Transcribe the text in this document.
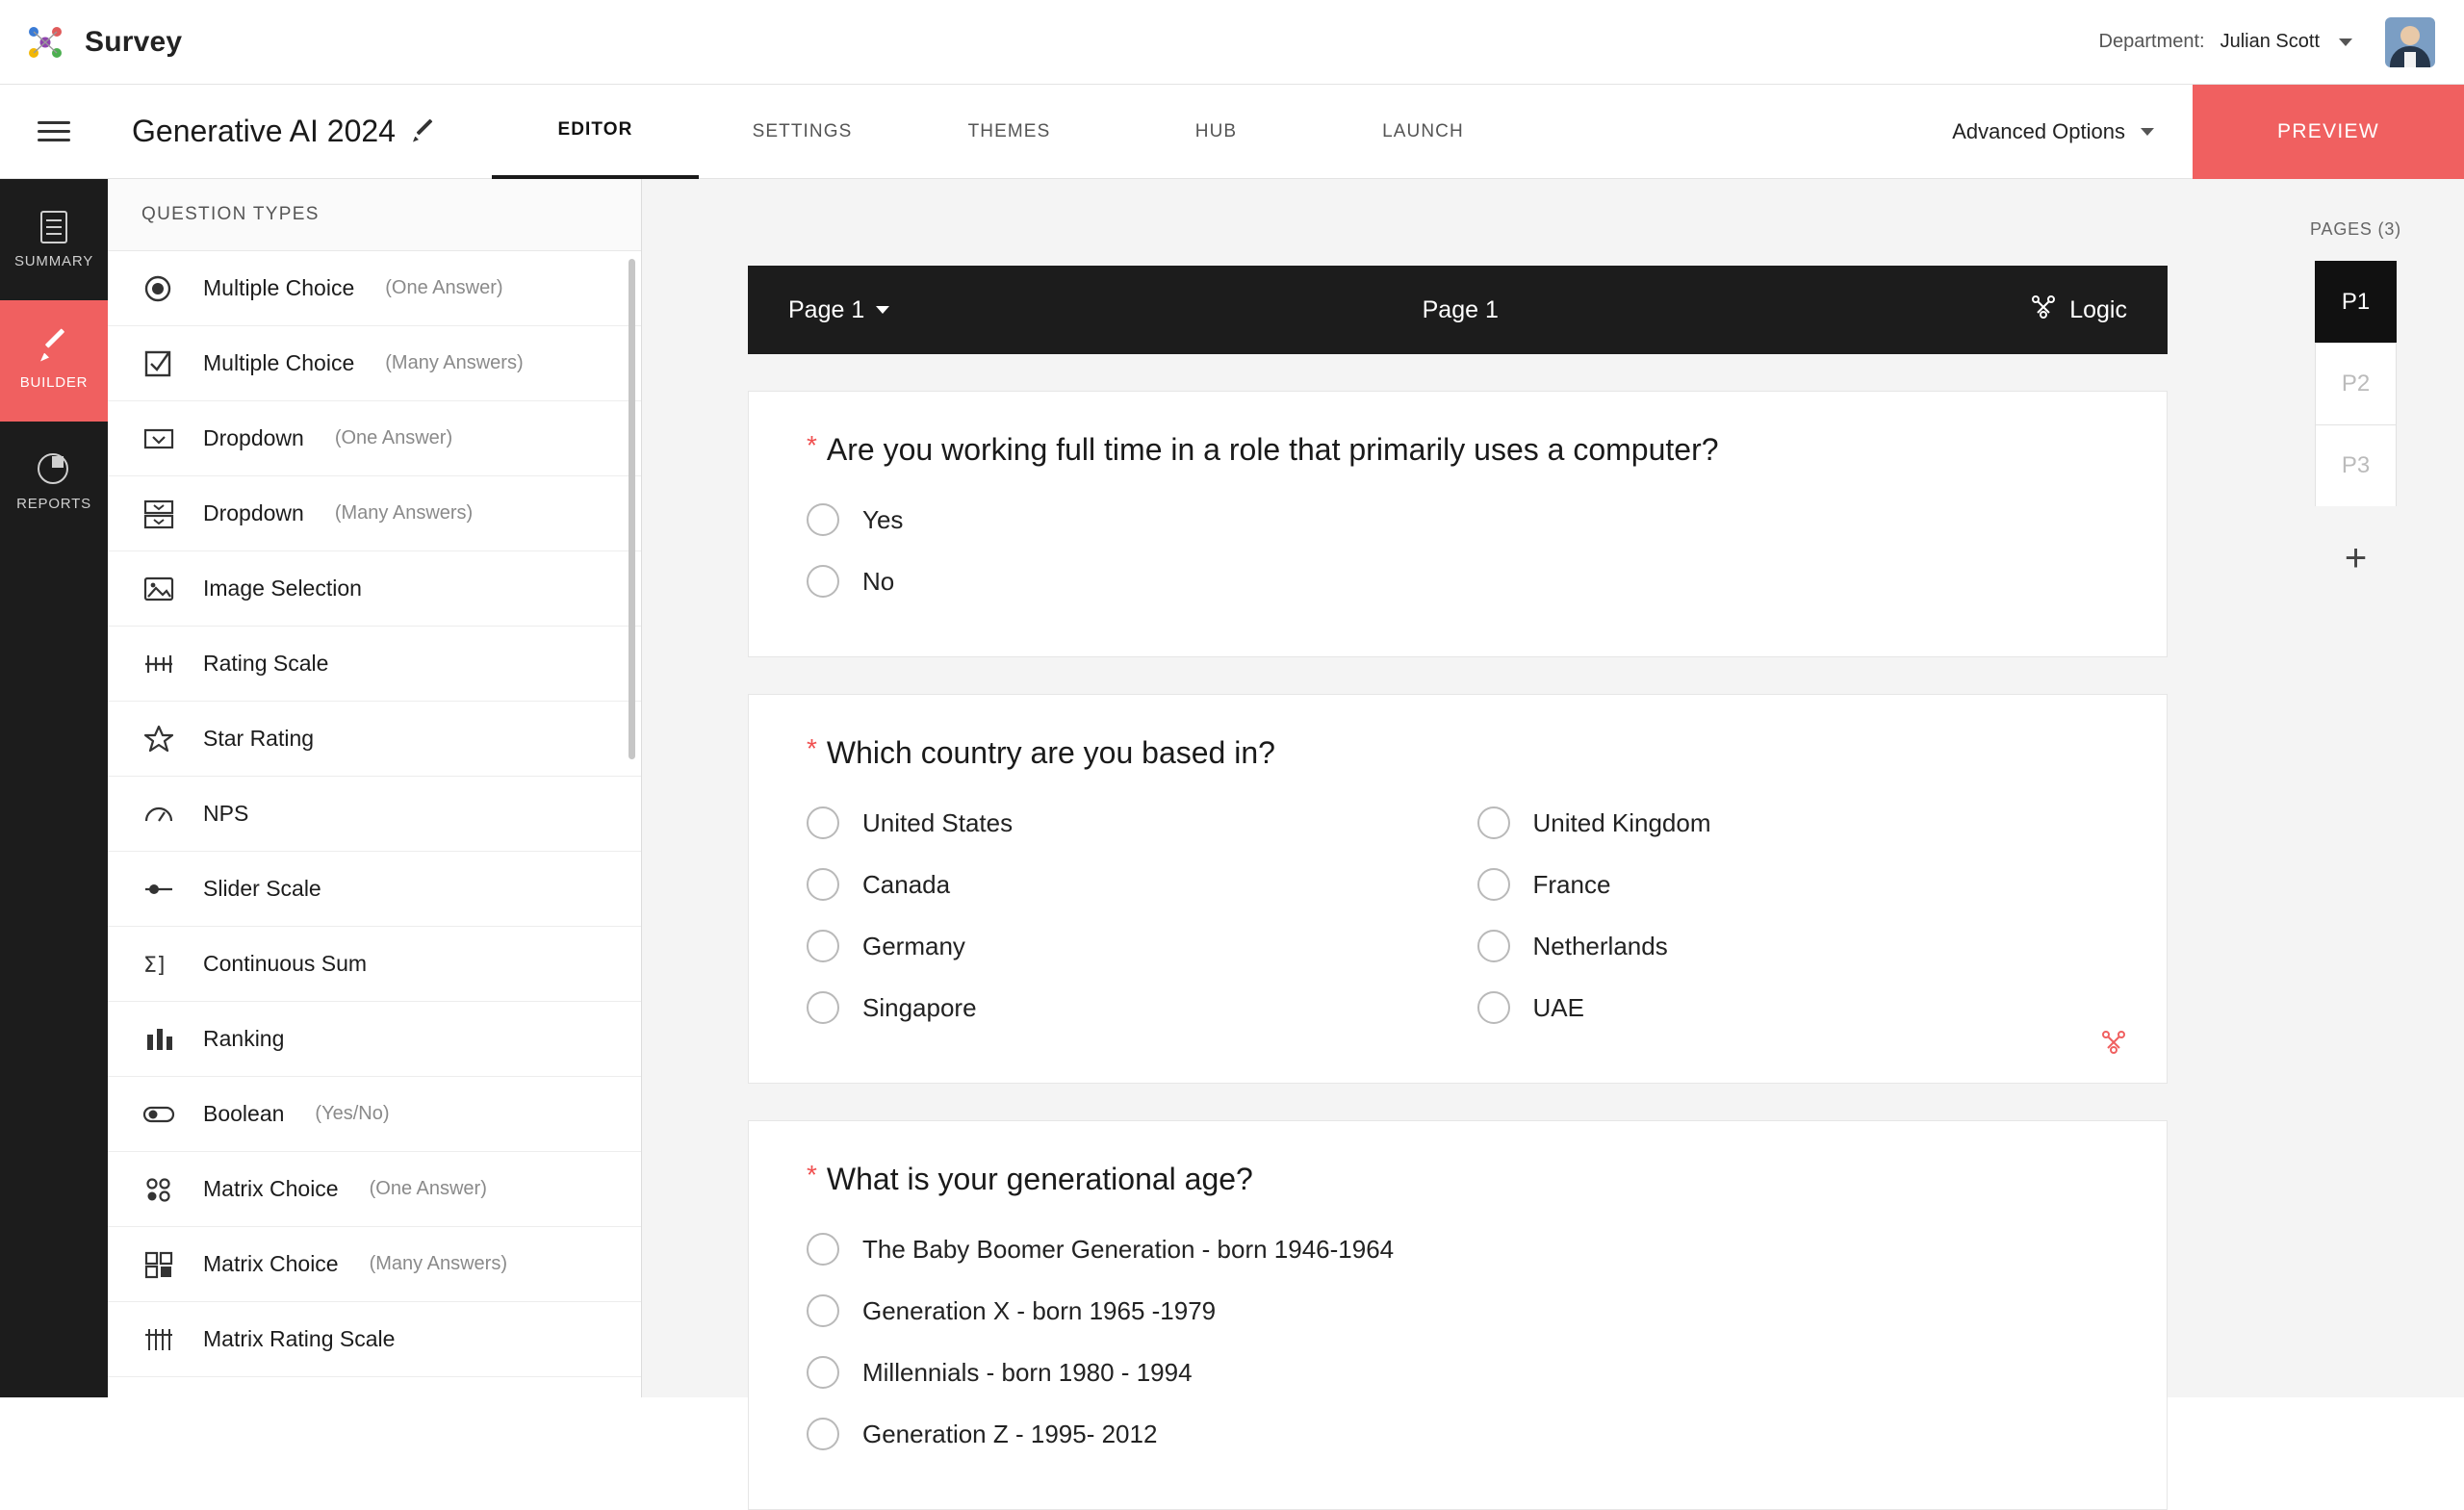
Survey	Department: Julian Scott
Generative AI 2024	EDITOR	SETTINGS	THEMES	HUB	LAUNCH	Advanced Options	PREVIEW
SUMMARY
BUILDER
REPORTS
QUESTION TYPES
Multiple Choice (One Answer)
Multiple Choice (Many Answers)
Dropdown (One Answer)
Dropdown (Many Answers)
Image Selection
Rating Scale
Star Rating
NPS
Slider Scale
Σ] Continuous Sum
Ranking
Boolean (Yes/No)
Matrix Choice (One Answer)
Matrix Choice (Many Answers)
Matrix Rating Scale
Page 1	Page 1	Logic
* Are you working full time in a role that primarily uses a computer?
Yes
No
* Which country are you based in?
United States	United Kingdom
Canada	France
Germany	Netherlands
Singapore	UAE
* What is your generational age?
The Baby Boomer Generation - born 1946-1964
Generation X - born 1965 -1979
Millennials - born 1980 - 1994
Generation Z - 1995- 2012
PAGES (3)
P1
P2
P3
+
